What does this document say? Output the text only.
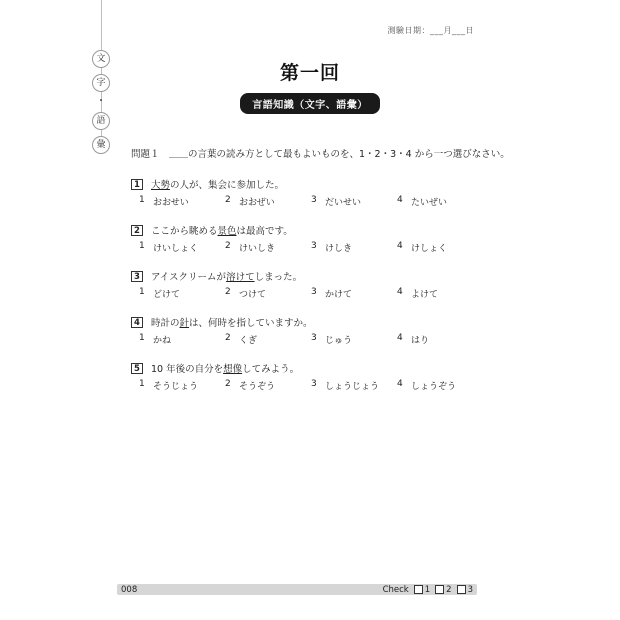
文
字
・
語
彙
測驗日期：___月___日
第一回
言語知識（文字、語彙）
問題１　＿＿の言葉の読み方として最もよいものを、1・2・3・4 から一つ選びなさい。
1	大勢 の人が、集会に参加した。
1 おおせい	2 おおぜい	3 だいせい	4 たいぜい
2	ここから眺める 景色 は最高です。
1 けいしょく	2 けいしき	3 けしき	4 けしょく
3	アイスクリームが 溶けて しまった。
1 どけて	2 つけて	3 かけて	4 よけて
4	時計の 針 は、何時を指していますか。
1 かね	2 くぎ	3 じゅう	4 はり
5	10 年後の自分を 想像 してみよう。
1 そうじょう	2 そうぞう	3 しょうじょう 4 しょうぞう
008	Check 1 2 3
